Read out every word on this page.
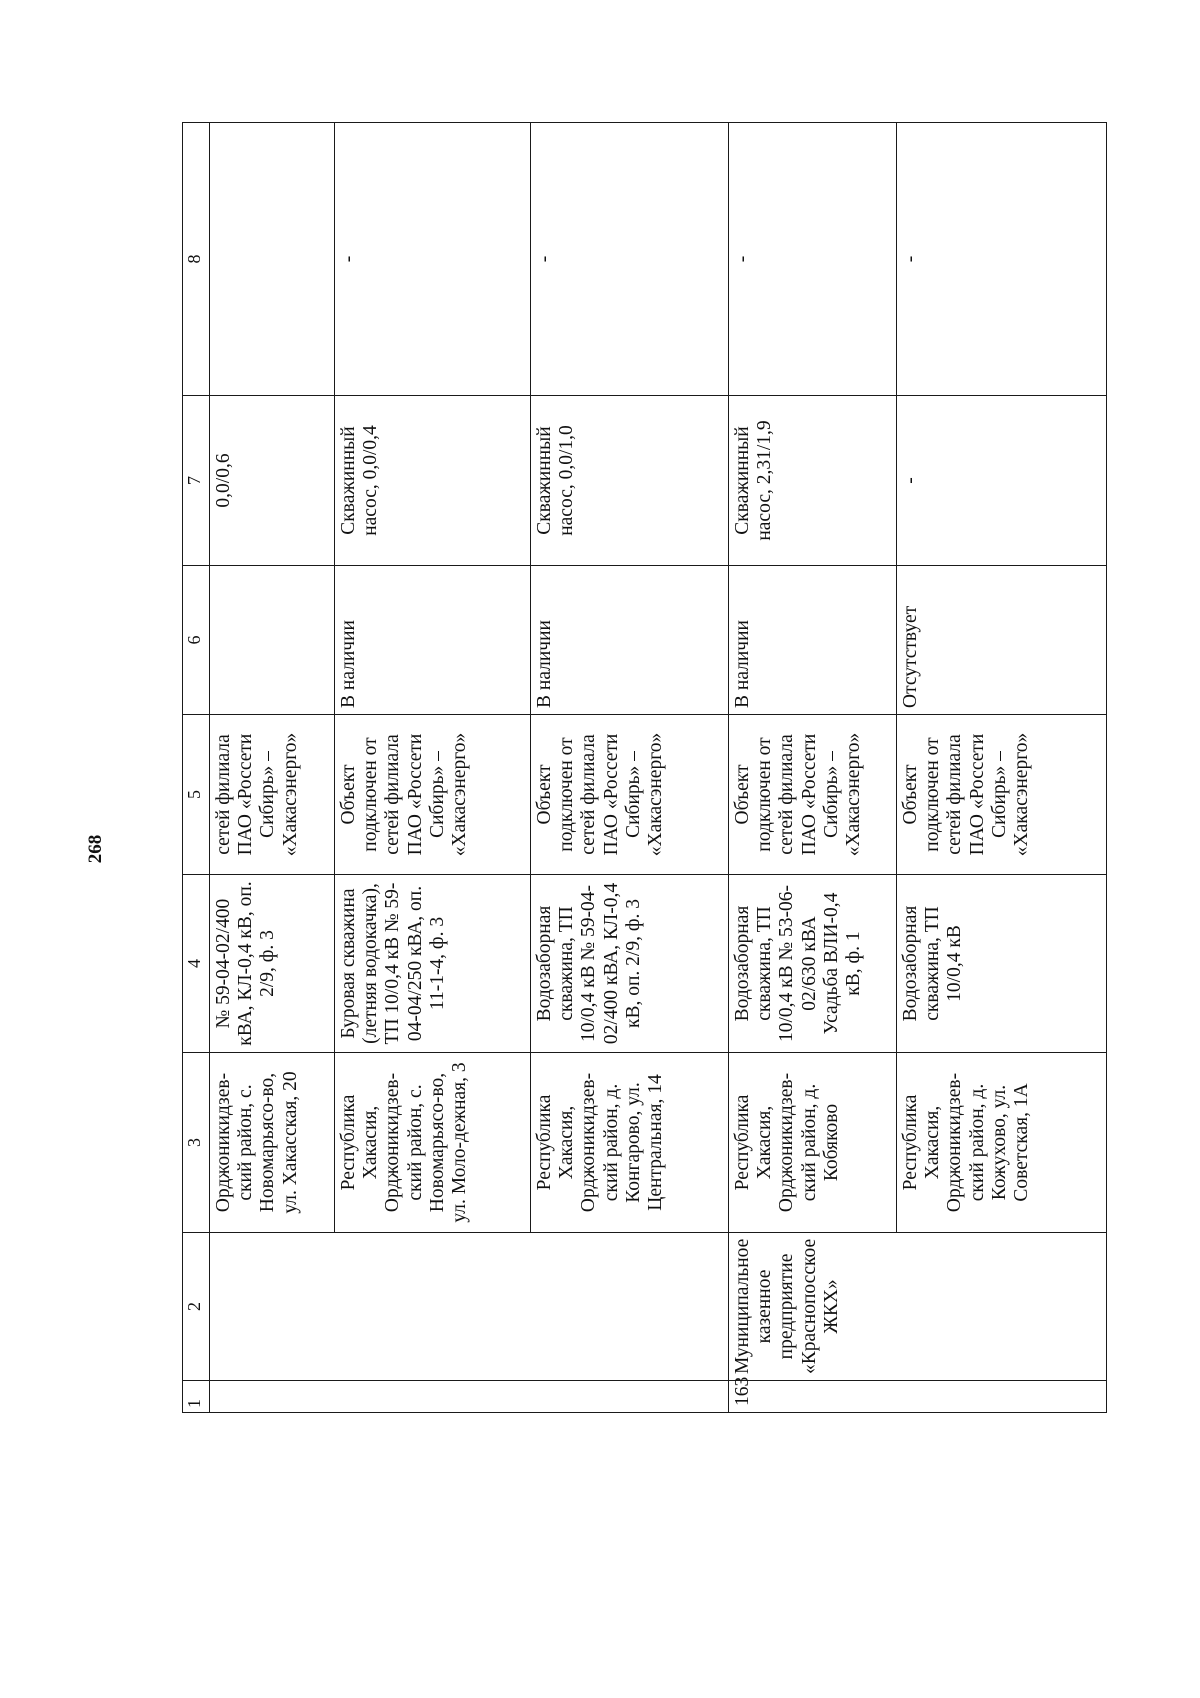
268
1	2	3	4	5	6	7	8
		Орджоникидзев-ский район, с. Новомарьясо-во, ул. Хакасская, 20	№ 59-04-02/400 кВА, КЛ-0,4 кВ, оп. 2/9, ф. 3	сетей филиала ПАО «Россети Сибирь» – «Хакасэнерго»		0,0/0,6	
		Республика Хакасия, Орджоникидзев-ский район, с. Новомарьясо-во, ул. Моло-дежная, 3	Буровая скважина (летняя водокачка), ТП 10/0,4 кВ № 59-04-04/250 кВА, оп. 11-1-4, ф. 3	Объект подключен от сетей филиала ПАО «Россети Сибирь» – «Хакасэнерго»	В наличии	Скважинный насос, 0,0/0,4	-
		Республика Хакасия, Орджоникидзев-ский район, д. Конгарово, ул. Центральная, 14	Водозаборная скважина, ТП 10/0,4 кВ № 59-04-02/400 кВА, КЛ-0,4 кВ, оп. 2/9, ф. 3	Объект подключен от сетей филиала ПАО «Россети Сибирь» – «Хакасэнерго»	В наличии	Скважинный насос, 0,0/1,0	-
163	Муниципальное казенное предприятие «Краснопосское ЖКХ»	Республика Хакасия, Орджоникидзев-ский район, д. Кобяково	Водозаборная скважина, ТП 10/0,4 кВ № 53-06-02/630 кВА Усадьба ВЛИ-0,4 кВ, ф. 1	Объект подключен от сетей филиала ПАО «Россети Сибирь» – «Хакасэнерго»	В наличии	Скважинный насос, 2,31/1,9	-
		Республика Хакасия, Орджоникидзев-ский район, д. Кожухово, ул. Советская, 1А	Водозаборная скважина, ТП 10/0,4 кВ	Объект подключен от сетей филиала ПАО «Россети Сибирь» – «Хакасэнерго»	Отсутствует	-	-
